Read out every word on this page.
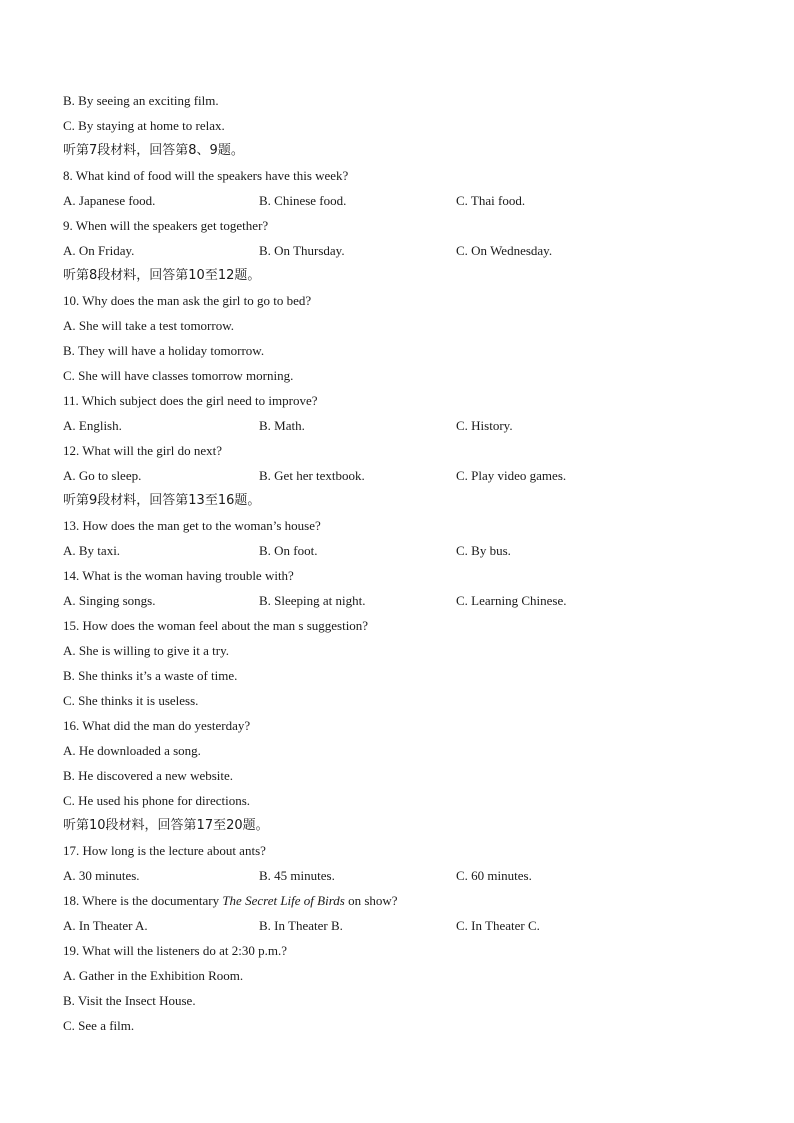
B. By seeing an exciting film.
C. By staying at home to relax.
听第7段材料，回答第8、9题。
8. What kind of food will the speakers have this week?
A. Japanese food.	B. Chinese food.	C. Thai food.
9. When will the speakers get together?
A. On Friday.	B. On Thursday.	C. On Wednesday.
听第8段材料，回答第10至12题。
10. Why does the man ask the girl to go to bed?
A. She will take a test tomorrow.
B. They will have a holiday tomorrow.
C. She will have classes tomorrow morning.
11. Which subject does the girl need to improve?
A. English.	B. Math.	C. History.
12. What will the girl do next?
A. Go to sleep.	B. Get her textbook.	C. Play video games.
听第9段材料，回答第13至16题。
13. How does the man get to the woman’s house?
A. By taxi.	B. On foot.	C. By bus.
14. What is the woman having trouble with?
A. Singing songs.	B. Sleeping at night.	C. Learning Chinese.
15. How does the woman feel about the man s suggestion?
A. She is willing to give it a try.
B. She thinks it’s a waste of time.
C. She thinks it is useless.
16. What did the man do yesterday?
A. He downloaded a song.
B. He discovered a new website.
C. He used his phone for directions.
听第10段材料，回答第17至20题。
17. How long is the lecture about ants?
A. 30 minutes.	B. 45 minutes.	C. 60 minutes.
18. Where is the documentary The Secret Life of Birds on show?
A. In Theater A.	B. In Theater B.	C. In Theater C.
19. What will the listeners do at 2:30 p.m.?
A. Gather in the Exhibition Room.
B. Visit the Insect House.
C. See a film.
